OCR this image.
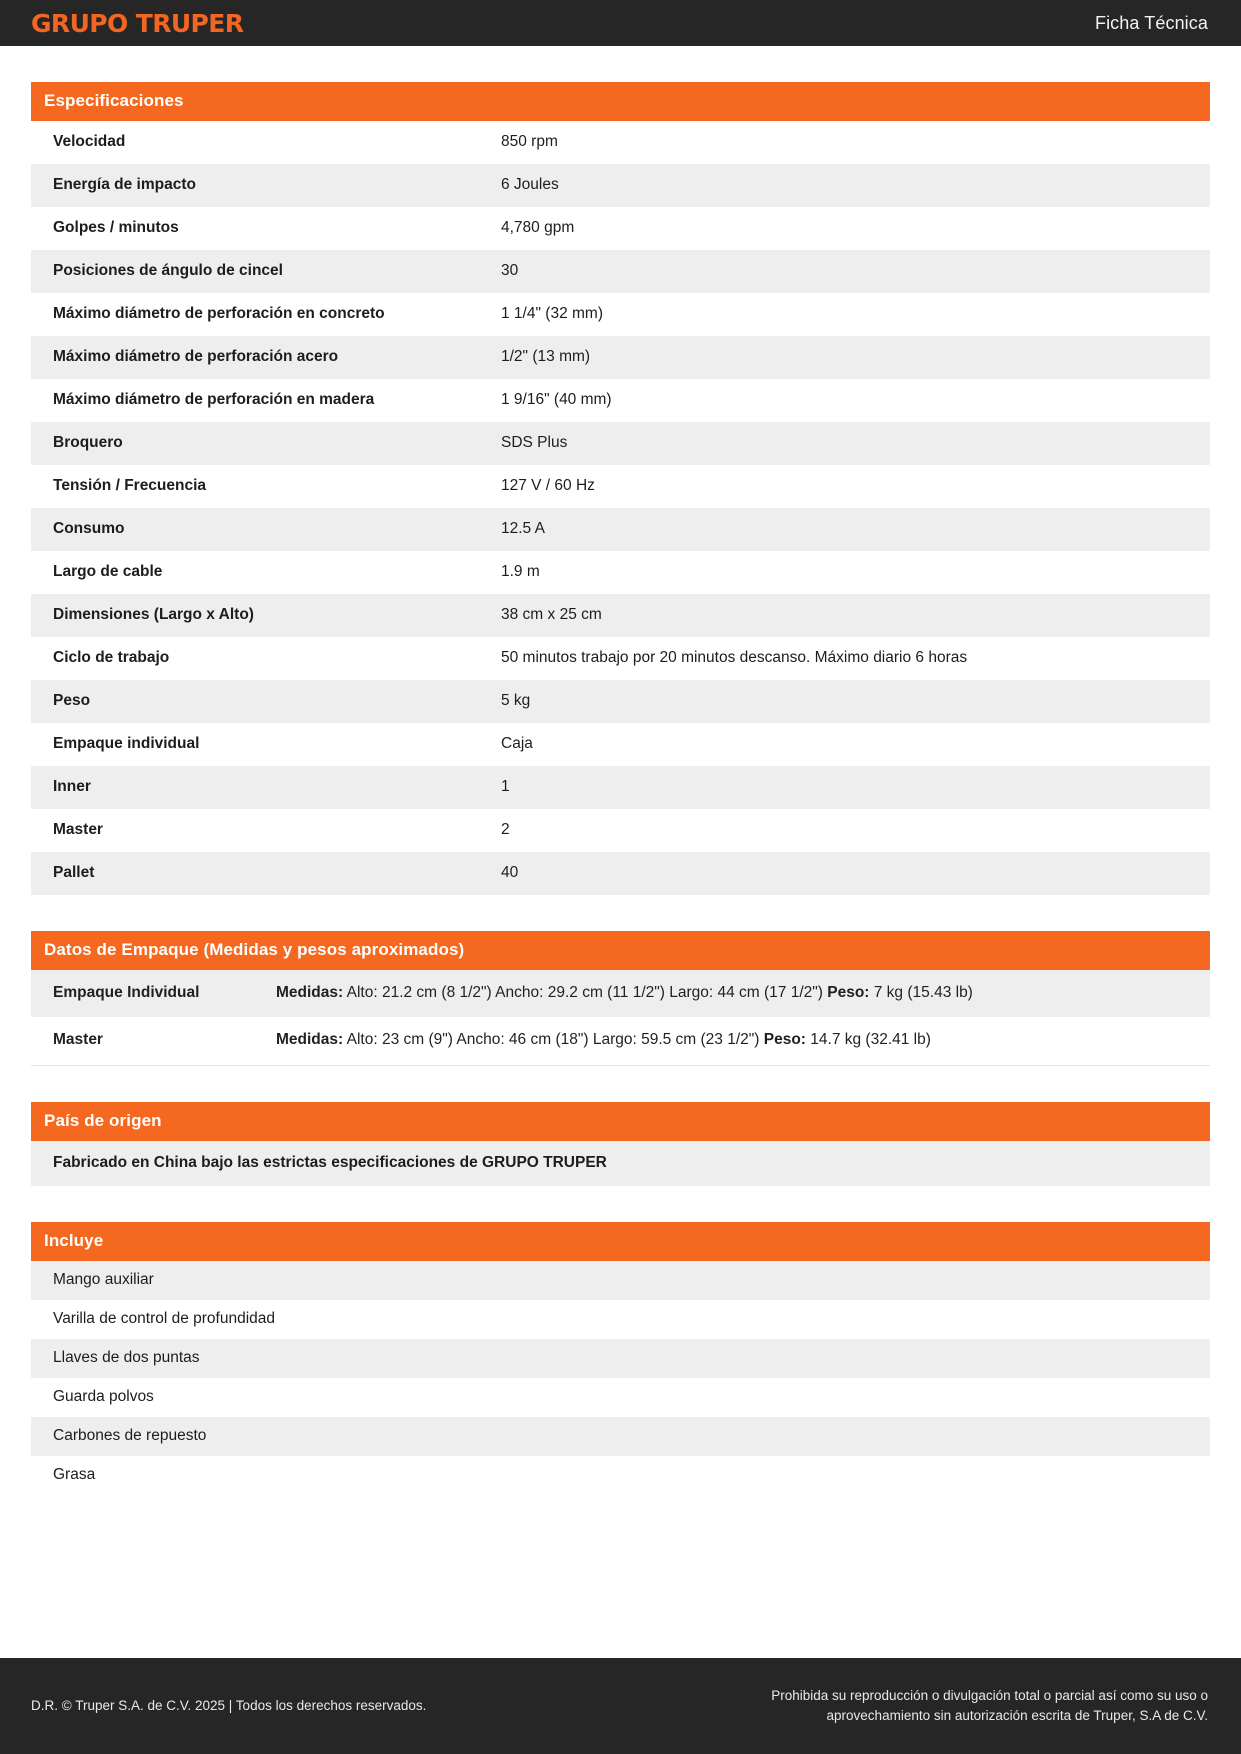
GRUPO TRUPER	Ficha Técnica
Especificaciones
Velocidad	850 rpm
Energía de impacto	6 Joules
Golpes / minutos	4,780 gpm
Posiciones de ángulo de cincel	30
Máximo diámetro de perforación en concreto	1 1/4" (32 mm)
Máximo diámetro de perforación acero	1/2" (13 mm)
Máximo diámetro de perforación en madera	1 9/16" (40 mm)
Broquero	SDS Plus
Tensión / Frecuencia	127 V / 60 Hz
Consumo	12.5 A
Largo de cable	1.9 m
Dimensiones (Largo x Alto)	38 cm x 25 cm
Ciclo de trabajo	50 minutos trabajo por 20 minutos descanso. Máximo diario 6 horas
Peso	5 kg
Empaque individual	Caja
Inner	1
Master	2
Pallet	40
Datos de Empaque (Medidas y pesos aproximados)
Empaque Individual	Medidas: Alto: 21.2 cm (8 1/2") Ancho: 29.2 cm (11 1/2") Largo: 44 cm (17 1/2") Peso: 7 kg (15.43 lb)
Master	Medidas: Alto: 23 cm (9") Ancho: 46 cm (18") Largo: 59.5 cm (23 1/2") Peso: 14.7 kg (32.41 lb)
País de origen
Fabricado en China bajo las estrictas especificaciones de GRUPO TRUPER
Incluye
Mango auxiliar
Varilla de control de profundidad
Llaves de dos puntas
Guarda polvos
Carbones de repuesto
Grasa
D.R. © Truper S.A. de C.V. 2025 | Todos los derechos reservados.
Prohibida su reproducción o divulgación total o parcial así como su uso o aprovechamiento sin autorización escrita de Truper, S.A de C.V.
